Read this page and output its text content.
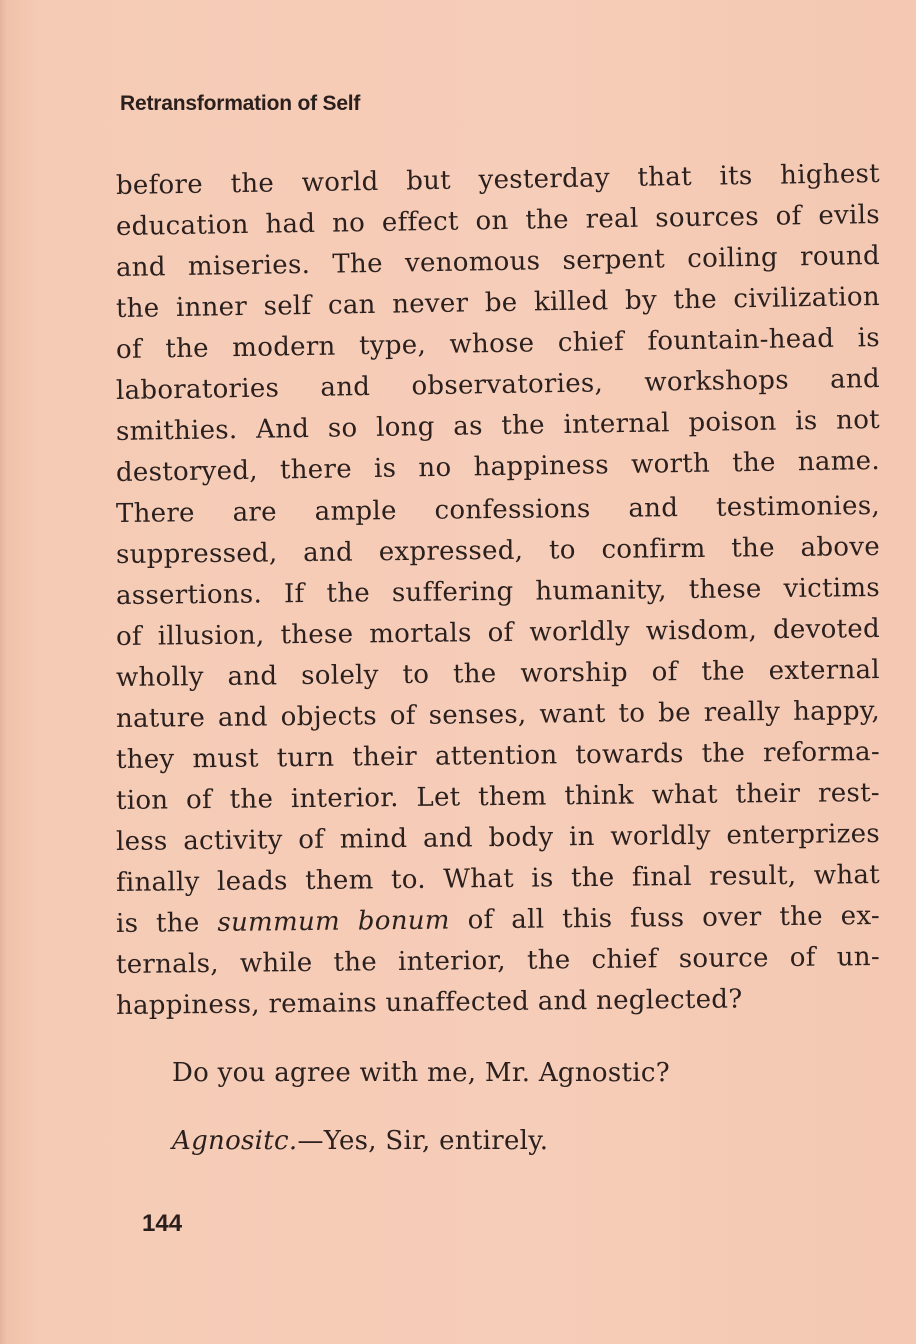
Retransformation of Self
before the world but yesterday that its highest
education had no effect on the real sources of evils
and miseries. The venomous serpent coiling round
the inner self can never be killed by the civilization
of the modern type, whose chief fountain-head is
laboratories and observatories, workshops and
smithies. And so long as the internal poison is not
destoryed, there is no happiness worth the name.
There are ample confessions and testimonies,
suppressed, and expressed, to confirm the above
assertions. If the suffering humanity, these victims
of illusion, these mortals of worldly wisdom, devoted
wholly and solely to the worship of the external
nature and objects of senses, want to be really happy,
they must turn their attention towards the reforma-
tion of the interior. Let them think what their rest-
less activity of mind and body in worldly enterprizes
finally leads them to. What is the final result, what
is the summum bonum of all this fuss over the ex-
ternals, while the interior, the chief source of un-
happiness, remains unaffected and neglected?
Do you agree with me, Mr. Agnostic?
Agnositc.—Yes, Sir, entirely.
144
